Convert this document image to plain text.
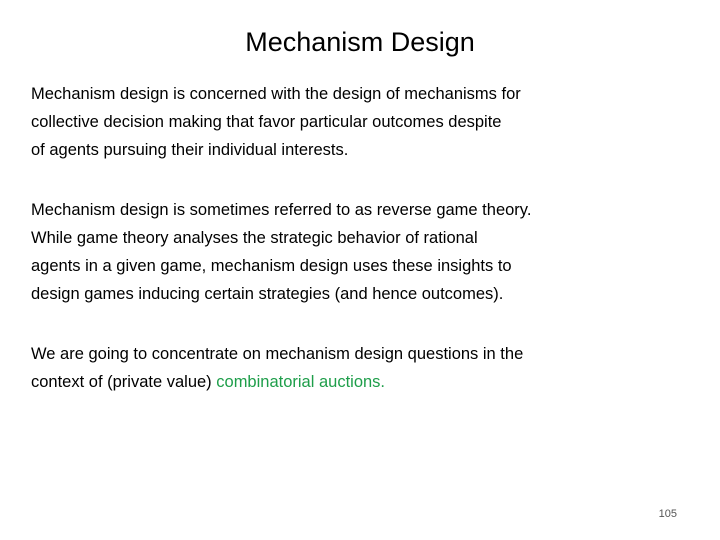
Mechanism Design
Mechanism design is concerned with the design of mechanisms for
collective decision making that favor particular outcomes despite
of agents pursuing their individual interests.
Mechanism design is sometimes referred to as reverse game theory.
While game theory analyses the strategic behavior of rational
agents in a given game, mechanism design uses these insights to
design games inducing certain strategies (and hence outcomes).
We are going to concentrate on mechanism design questions in the
context of (private value) combinatorial auctions.
105
